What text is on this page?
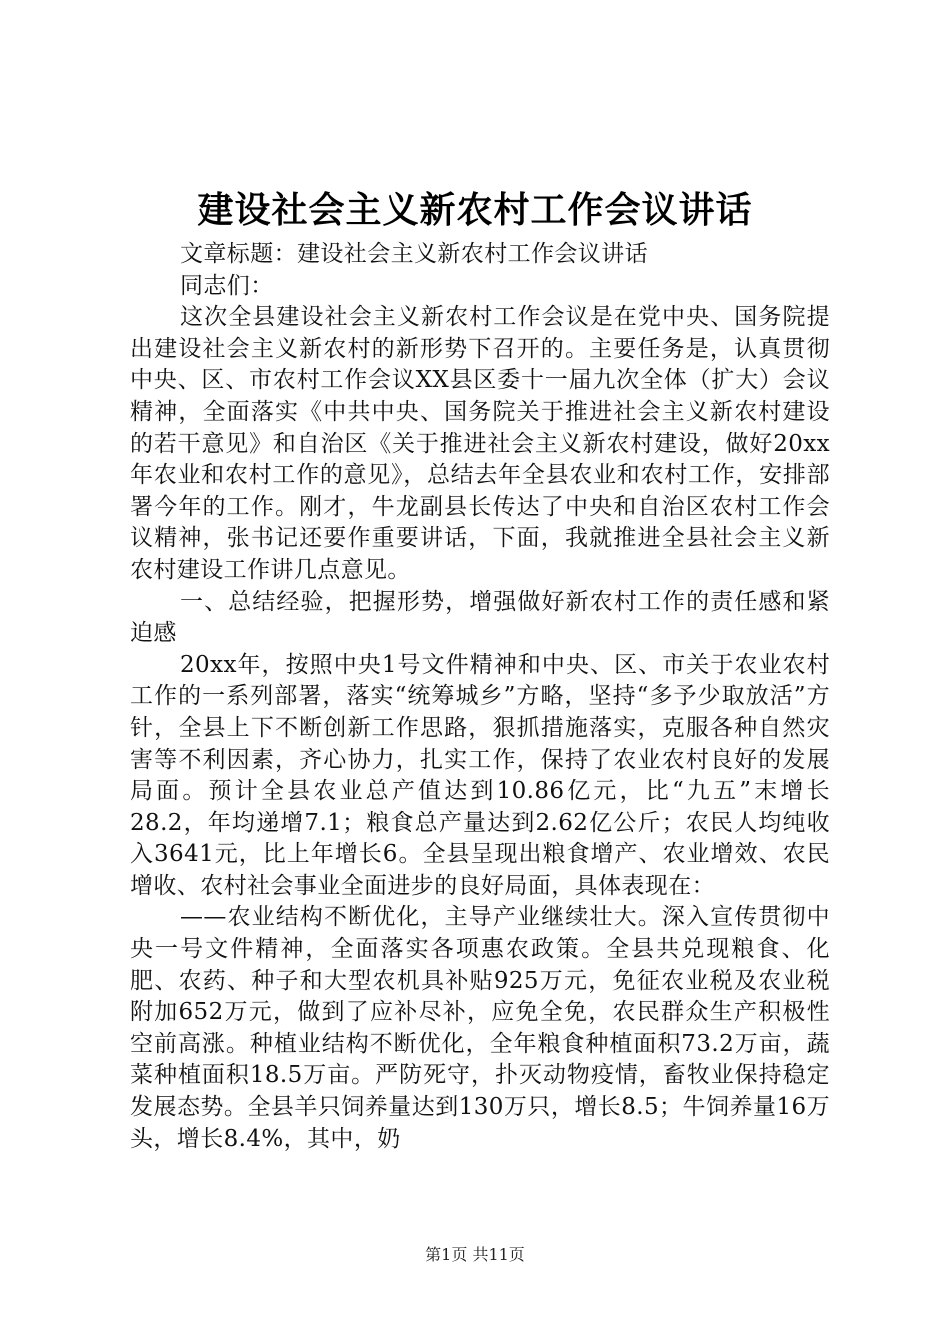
建设社会主义新农村工作会议讲话

文章标题：建设社会主义新农村工作会议讲话

同志们：

这次全县建设社会主义新农村工作会议是在党中央、国务院提出建设社会主义新农村的新形势下召开的。主要任务是，认真贯彻中央、区、市农村工作会议XX县区委十一届九次全体（扩大）会议精神，全面落实《中共中央、国务院关于推进社会主义新农村建设的若干意见》和自治区《关于推进社会主义新农村建设，做好20xx年农业和农村工作的意见》，总结去年全县农业和农村工作，安排部署今年的工作。刚才，牛龙副县长传达了中央和自治区农村工作会议精神，张书记还要作重要讲话，下面，我就推进全县社会主义新农村建设工作讲几点意见。

一、总结经验，把握形势，增强做好新农村工作的责任感和紧迫感

20xx年，按照中央1号文件精神和中央、区、市关于农业农村工作的一系列部署，落实“统筹城乡”方略，坚持“多予少取放活”方针，全县上下不断创新工作思路，狠抓措施落实，克服各种自然灾害等不利因素，齐心协力，扎实工作，保持了农业农村良好的发展局面。预计全县农业总产值达到10.86亿元，比“九五”末增长28.2，年均递增7.1；粮食总产量达到2.62亿公斤；农民人均纯收入3641元，比上年增长6。全县呈现出粮食增产、农业增效、农民增收、农村社会事业全面进步的良好局面，具体表现在：

——农业结构不断优化，主导产业继续壮大。深入宣传贯彻中央一号文件精神，全面落实各项惠农政策。全县共兑现粮食、化肥、农药、种子和大型农机具补贴925万元，免征农业税及农业税附加652万元，做到了应补尽补，应免全免，农民群众生产积极性空前高涨。种植业结构不断优化，全年粮食种植面积73.2万亩，蔬菜种植面积18.5万亩。严防死守，扑灭动物疫情，畜牧业保持稳定发展态势。全县羊只饲养量达到130万只，增长8.5；牛饲养量16万头，增长8.4%，其中，奶

第1页 共11页
